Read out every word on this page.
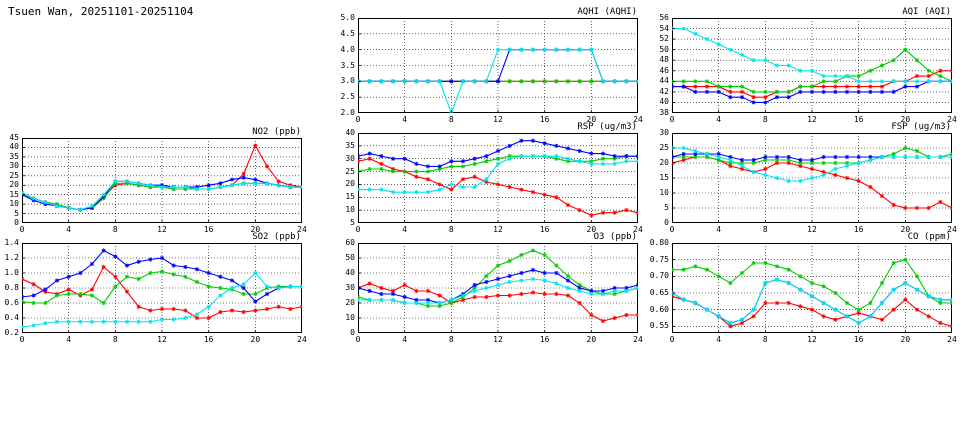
Tsuen Wan, 20251101-20251104	AQHI (AQHI)
2.0
2.5
3.0
3.5
4.0
4.5
5.0
0	4	8	12	16	20	24
AQI (AQI)
38
40
42
44
46
48
50
52
54
56
0	4	8	12	16	20	24
NO2 (ppb)
0
5
10
15
20
25
30
35
40
45
0	4	8	12	16	20	24
RSP (ug/m3)
5
10
15
20
25
30
35
40
0	4	8	12	16	20	24
FSP (ug/m3)
0
5
10
15
20
25
30
0	4	8	12	16	20	24
SO2 (ppb)
0.2
0.4
0.6
0.8
1.0
1.2
1.4
0	4	8	12	16	20	24
O3 (ppb)
0
10
20
30
40
50
60
0	4	8	12	16	20	24
CO (ppm)
0.55
0.60
0.65
0.70
0.75
0.80
0	4	8	12	16	20	24
